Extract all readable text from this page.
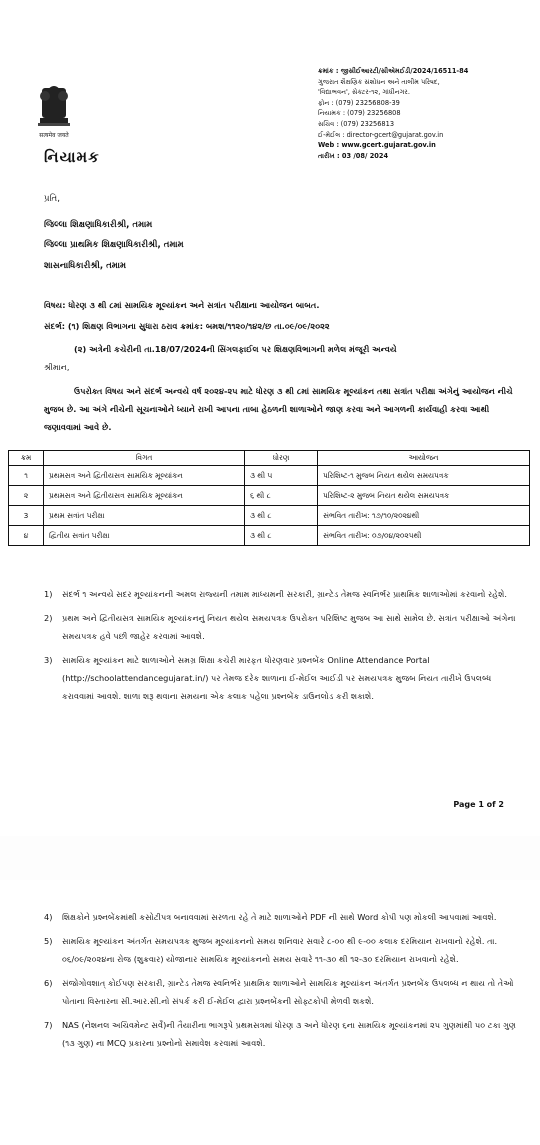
सत्यमेव जयते
નિયામક
ક્રમાંક : જીસીઈઆરટી/સીએમઈડી/2024/16511-84
ગુજરાત શૈક્ષણિક સંશોધન અને તાલીમ પરિષદ,
'વિદ્યાભવન', સેક્ટર-૧૨, ગાંધીનગર.
ફોન : (079) 23256808-39
નિયામક : (079) 23256808
સચિવ : (079) 23256813
ઈ-મેઈલ : director-gcert@gujarat.gov.in
Web : www.gcert.gujarat.gov.in
તારીખ : 03 /08/ 2024
પ્રતિ,
જિલ્લા શિક્ષણાધિકારીશ્રી, તમામ
જિલ્લા પ્રાથમિક શિક્ષણાધિકારીશ્રી, તમામ
શાસનાધિકારીશ્રી, તમામ
વિષય: ધોરણ ૩ થી ૮માં સામયિક મૂલ્યાંકન અને સત્રાંત પરીક્ષાના આયોજન બાબત.
સંદર્ભ: (૧) શિક્ષણ વિભાગના સુધારા ઠરાવ ક્રમાંક: બમશ/૧૧૨૦/૧૪૨/છ તા.૦૯/૦૯/૨૦૨૨
(૨) અત્રેની કચેરીની તા.18/07/2024ની સિંગલફાઈલ પર શિક્ષણવિભાગની મળેલ મંજૂરી અન્વયે
શ્રીમાન,
ઉપરોક્ત વિષય અને સંદર્ભ અન્વયે વર્ષ ૨૦૨૪-૨૫ માટે ધોરણ ૩ થી ૮માં સામયિક મૂલ્યાંકન તથા સત્રાંત પરીક્ષા અંગેનું આયોજન નીચે મુજબ છે. આ અંગે નીચેની સૂચનાઓને ધ્યાને રાખી આપના તાબા હેઠળની શાળાઓને જાણ કરવા અને આગળની કાર્યવાહી કરવા આથી જણાવવામાં આવે છે.
ક્રમ	વિગત	ધોરણ	આયોજન
૧	પ્રથમસત્ર અને દ્વિતીયસત્ર સામયિક મૂલ્યાંકન	૩ થી ૫	પરિશિષ્ટ-૧ મુજબ નિયત થયેલ સમયપત્રક
૨	પ્રથમસત્ર અને દ્વિતીયસત્ર સામયિક મૂલ્યાંકન	૬ થી ૮	પરિશિષ્ટ-૨ મુજબ નિયત થયેલ સમયપત્રક
3	પ્રથમ સત્રાંત પરીક્ષા	૩ થી ૮	સંભવિત તારીખ: ૧૭/૧૦/૨૦૨૪થી
૪	દ્વિતીય સત્રાંત પરીક્ષા	૩ થી ૮	સંભવિત તારીખ: ૦૭/૦૪/૨૦૨૫થી
1) સંદર્ભ ૧ અન્વયે સદર મૂલ્યાંકનની અમલ રાજ્યની તમામ માધ્યમની સરકારી, ગ્રાન્ટેડ તેમજ સ્વનિર્ભર પ્રાથમિક શાળાઓમાં કરવાનો રહેશે.
2) પ્રથમ અને દ્વિતીયસત્ર સામયિક મૂલ્યાંકનનું નિયત થયેલ સમયપત્રક ઉપરોક્ત પરિશિષ્ટ મુજબ આ સાથે સામેલ છે. સત્રાંત પરીક્ષાઓ અંગેના સમયપત્રક હવે પછી જાહેર કરવામાં આવશે.
3) સામયિક મૂલ્યાંકન માટે શાળાઓને સમગ્ર શિક્ષા કચેરી મારફત ધોરણવાર પ્રશ્નબેંક Online Attendance Portal (http://schoolattendancegujarat.in/) પર તેમજ દરેક શાળાના ઈ-મેઈલ આઈડી પર સમયપત્રક મુજબ નિયત તારીખે ઉપલબ્ધ કરાવવામાં આવશે. શાળા શરૂ થવાના સમયના એક કલાક પહેલા પ્રશ્નબેંક ડાઉનલોડ કરી શકાશે.
Page 1 of 2
4) શિક્ષકોને પ્રશ્નબેંકમાંથી કસોટીપત્ર બનાવવામાં સરળતા રહે તે માટે શાળાઓને PDF ની સાથે Word કોપી પણ મોકલી આપવામાં આવશે.
5) સામયિક મૂલ્યાંકન અંતર્ગત સમયપત્રક મુજબ મૂલ્યાંકનનો સમય શનિવાર સવારે ૮-૦૦ થી ૯-૦૦ કલાક દરમિયાન રાખવાનો રહેશે. તા. ૦૬/૦૯/૨૦૨૪ના રોજ (શુક્રવાર) યોજાનાર સામયિક મૂલ્યાંકનનો સમય સવારે ૧૧-૩૦ થી ૧૨-૩૦ દરમિયાન રાખવાનો રહેશે.
6) સંજોગોવશાત્ કોઈપણ સરકારી, ગ્રાન્ટેડ તેમજ સ્વનિર્ભર પ્રાથમિક શાળાઓને સામયિક મૂલ્યાંકન અંતર્ગત પ્રશ્નબેંક ઉપલબ્ધ ન થાય તો તેઓ પોતાના વિસ્તારના સી.આર.સી.નો સંપર્ક કરી ઈ-મેઈલ દ્વારા પ્રશ્નબેંકની સોફ્ટકોપી મેળવી શકશે.
7) NAS (નેશનલ અચિવમેન્ટ સર્વે)ની તૈયારીના ભાગરૂપે પ્રથમસત્રમાં ધોરણ ૩ અને ધોરણ ૬ના સામયિક મૂલ્યાંકનમાં ૨૫ ગુણમાંથી ૫૦ ટકા ગુણ (૧૩ ગુણ) ના MCQ પ્રકારના પ્રશ્નોનો સમાવેશ કરવામાં આવશે.
